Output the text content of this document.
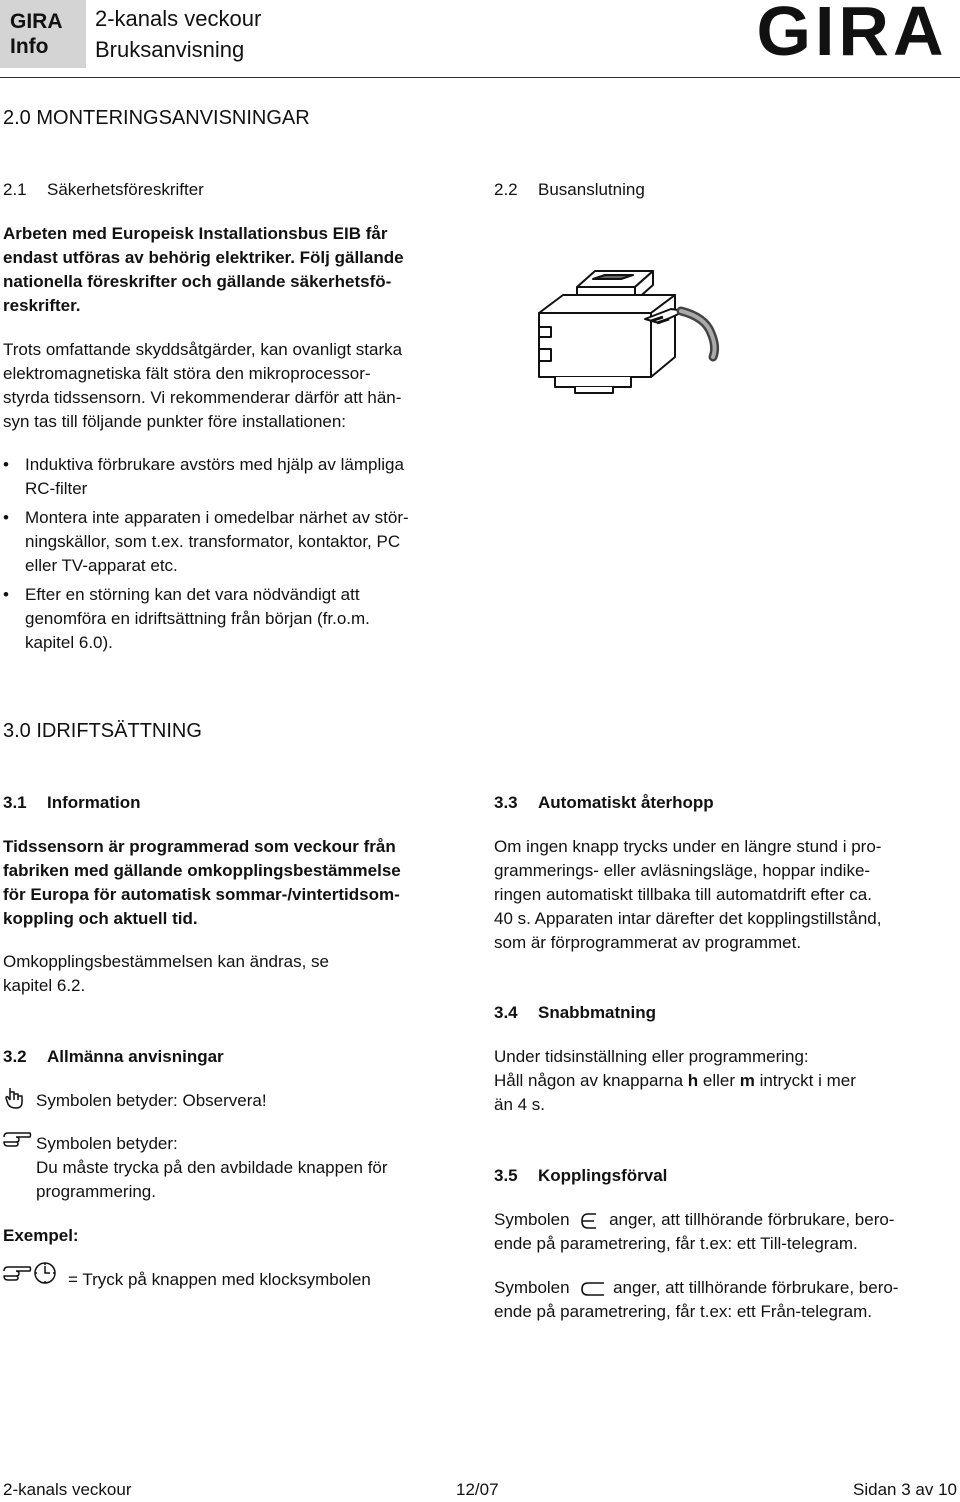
GIRA
Info
2-kanals veckour
Bruksanvisning	GIRA
2.0 MONTERINGSANVISNINGAR
2.1 Säkerhetsföreskrifter
Arbeten med Europeisk Installationsbus EIB får
endast utföras av behörig elektriker. Följ gällande
nationella föreskrifter och gällande säkerhetsfö-
reskrifter.
Trots omfattande skyddsåtgärder, kan ovanligt starka
elektromagnetiska fält störa den mikroprocessor-
styrda tidssensorn. Vi rekommenderar därför att hän-
syn tas till följande punkter före installationen:
• Induktiva förbrukare avstörs med hjälp av lämpliga
RC-filter
• Montera inte apparaten i omedelbar närhet av stör-
ningskällor, som t.ex. transformator, kontaktor, PC
eller TV-apparat etc.
• Efter en störning kan det vara nödvändigt att
genomföra en idriftsättning från början (fr.o.m.
kapitel 6.0).
2.2 Busanslutning
3.0 IDRIFTSÄTTNING
3.1 Information
Tidssensorn är programmerad som veckour från
fabriken med gällande omkopplingsbestämmelse
för Europa för automatisk sommar-/vintertidsom-
koppling och aktuell tid.
Omkopplingsbestämmelsen kan ändras, se
kapitel 6.2.
3.2 Allmänna anvisningar
Symbolen betyder: Observera!
Symbolen betyder:
Du måste trycka på den avbildade knappen för
programmering.
Exempel:
= Tryck på knappen med klocksymbolen
3.3 Automatiskt återhopp
Om ingen knapp trycks under en längre stund i pro-
grammerings- eller avläsningsläge, hoppar indike-
ringen automatiskt tillbaka till automatdrift efter ca.
40 s. Apparaten intar därefter det kopplingstillstånd,
som är förprogrammerat av programmet.
3.4 Snabbmatning
Under tidsinställning eller programmering:
Håll någon av knapparna h eller m intryckt i mer
än 4 s.
3.5 Kopplingsförval
Symbolen anger, att tillhörande förbrukare, bero-
ende på parametrering, får t.ex: ett Till-telegram.
Symbolen	anger, att tillhörande förbrukare, bero-
ende på parametrering, får t.ex: ett Från-telegram.
2-kanals veckour	12/07	Sidan 3 av 10
